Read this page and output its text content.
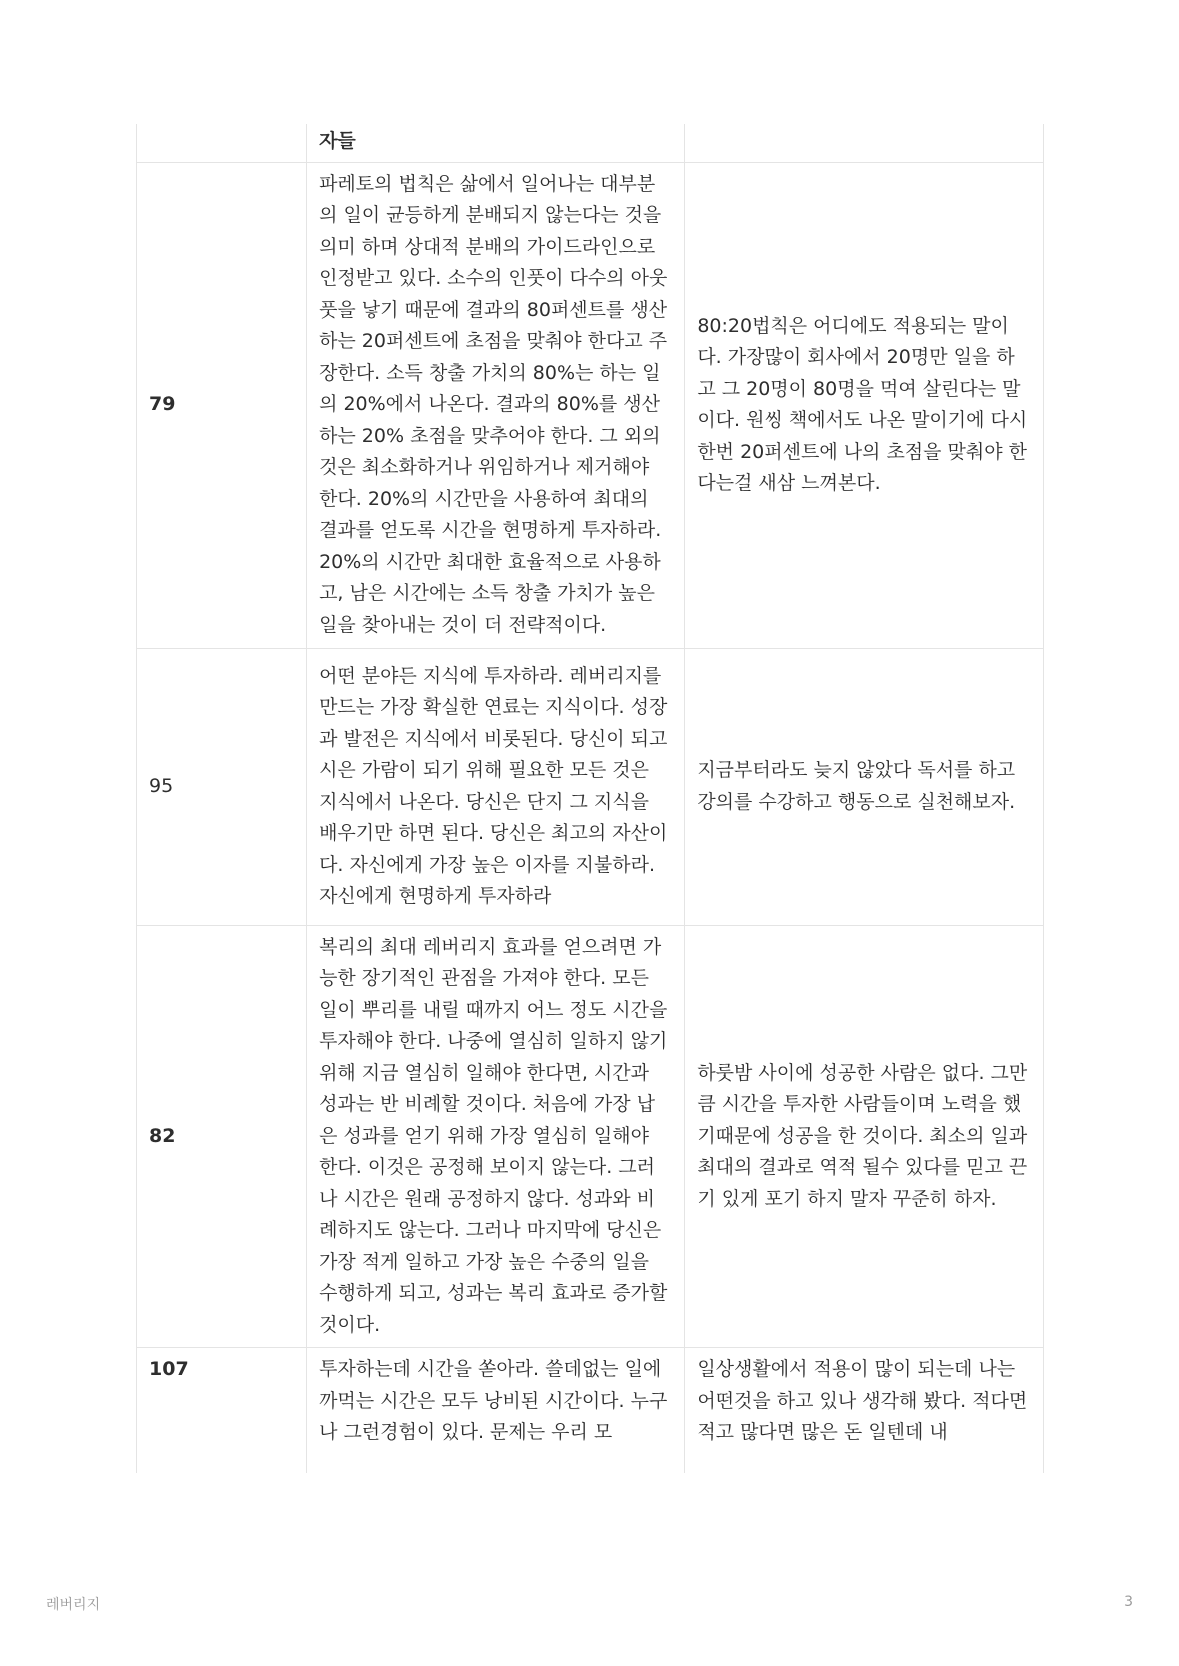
	자들	
79	파레토의 법칙은 삶에서 일어나는 대부분의 일이 균등하게 분배되지 않는다는 것을 의미 하며 상대적 분배의 가이드라인으로 인정받고 있다. 소수의 인풋이 다수의 아웃풋을 낳기 때문에 결과의 80퍼센트를 생산하는 20퍼센트에 초점을 맞춰야 한다고 주장한다. 소득 창출 가치의 80%는 하는 일의 20%에서 나온다. 결과의 80%를 생산하는 20% 초점을 맞추어야 한다. 그 외의 것은 최소화하거나 위임하거나 제거해야 한다. 20%의 시간만을 사용하여 최대의 결과를 얻도록 시간을 현명하게 투자하라. 20%의 시간만 최대한 효율적으로 사용하고, 남은 시간에는 소득 창출 가치가 높은 일을 찾아내는 것이 더 전략적이다.	80:20법칙은 어디에도 적용되는 말이다. 가장많이 회사에서 20명만 일을 하고 그 20명이 80명을 먹여 살린다는 말이다. 원씽 책에서도 나온 말이기에 다시한번 20퍼센트에 나의 초점을 맞춰야 한다는걸 새삼 느껴본다.
95	어떤 분야든 지식에 투자하라. 레버리지를 만드는 가장 확실한 연료는 지식이다. 성장과 발전은 지식에서 비롯된다. 당신이 되고 시은 가람이 되기 위해 필요한 모든 것은 지식에서 나온다. 당신은 단지 그 지식을 배우기만 하면 된다. 당신은 최고의 자산이다. 자신에게 가장 높은 이자를 지불하라. 자신에게 현명하게 투자하라	지금부터라도 늦지 않았다 독서를 하고 강의를 수강하고 행동으로 실천해보자.
82	복리의 최대 레버리지 효과를 얻으려면 가능한 장기적인 관점을 가져야 한다. 모든 일이 뿌리를 내릴 때까지 어느 정도 시간을 투자해야 한다. 나중에 열심히 일하지 않기 위해 지금 열심히 일해야 한다면, 시간과 성과는 반 비례할 것이다. 처음에 가장 납은 성과를 얻기 위해 가장 열심히 일해야 한다. 이것은 공정해 보이지 않는다. 그러나 시간은 원래 공정하지 않다. 성과와 비례하지도 않는다. 그러나 마지막에 당신은 가장 적게 일하고 가장 높은 수중의 일을 수행하게 되고, 성과는 복리 효과로 증가할 것이다.	하룻밤 사이에 성공한 사람은 없다. 그만큼 시간을 투자한 사람들이며 노력을 했기때문에 성공을 한 것이다. 최소의 일과 최대의 결과로 역적 될수 있다를 믿고 끈기 있게 포기 하지 말자 꾸준히 하자.
107	투자하는데 시간을 쏟아라. 쓸데없는 일에 까먹는 시간은 모두 낭비된 시간이다. 누구나 그런경험이 있다. 문제는 우리 모	일상생활에서 적용이 많이 되는데 나는 어떤것을 하고 있나 생각해 봤다. 적다면 적고 많다면 많은 돈 일텐데 내
레버리지	3
